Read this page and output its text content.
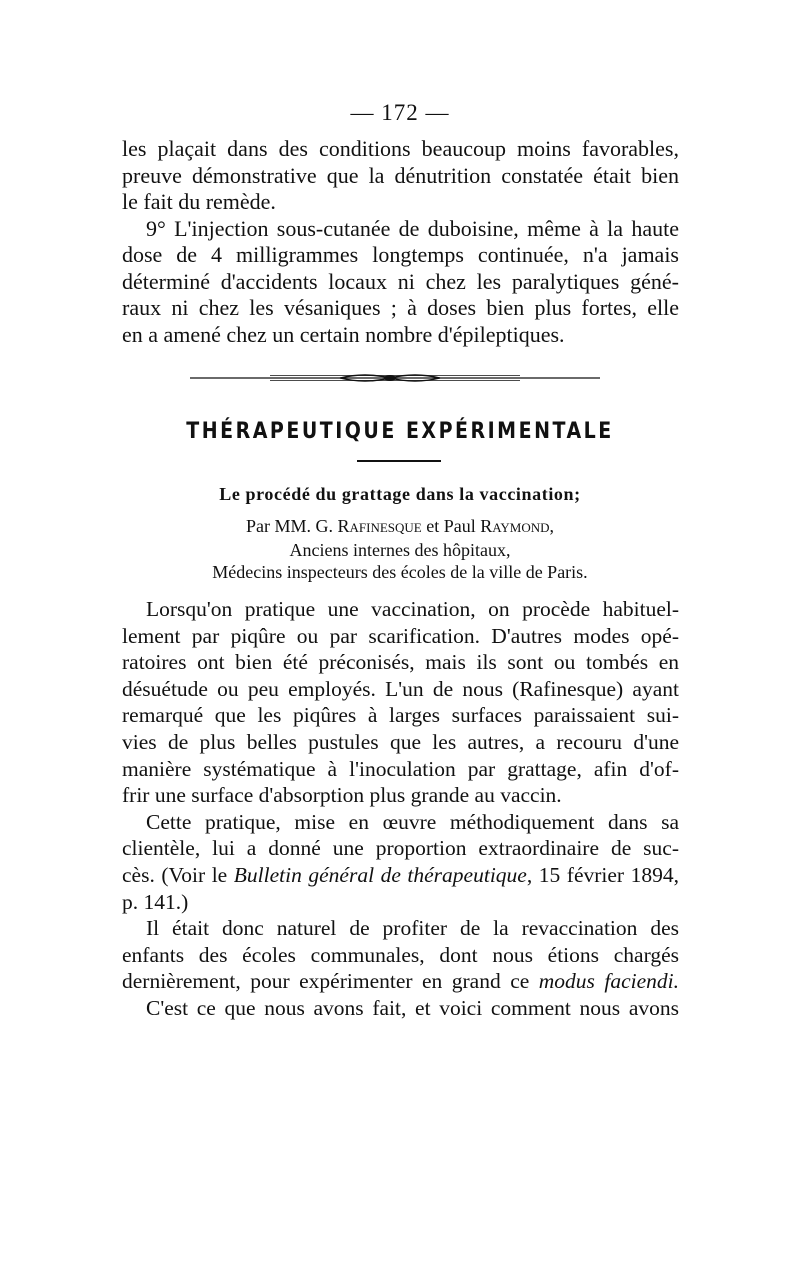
— 172 —
les plaçait dans des conditions beaucoup moins favorables,
preuve démonstrative que la dénutrition constatée était bien
le fait du remède.
9° L'injection sous-cutanée de duboisine, même à la haute
dose de 4 milligrammes longtemps continuée, n'a jamais
déterminé d'accidents locaux ni chez les paralytiques géné-
raux ni chez les vésaniques ; à doses bien plus fortes, elle
en a amené chez un certain nombre d'épileptiques.
THÉRAPEUTIQUE EXPÉRIMENTALE
Le procédé du grattage dans la vaccination;
Par MM. G. Rafinesque et Paul Raymond,
Anciens internes des hôpitaux,
Médecins inspecteurs des écoles de la ville de Paris.
Lorsqu'on pratique une vaccination, on procède habituel-
lement par piqûre ou par scarification. D'autres modes opé-
ratoires ont bien été préconisés, mais ils sont ou tombés en
désuétude ou peu employés. L'un de nous (Rafinesque) ayant
remarqué que les piqûres à larges surfaces paraissaient sui-
vies de plus belles pustules que les autres, a recouru d'une
manière systématique à l'inoculation par grattage, afin d'of-
frir une surface d'absorption plus grande au vaccin.
Cette pratique, mise en œuvre méthodiquement dans sa
clientèle, lui a donné une proportion extraordinaire de suc-
cès. (Voir le Bulletin général de thérapeutique, 15 février 1894,
p. 141.)
Il était donc naturel de profiter de la revaccination des
enfants des écoles communales, dont nous étions chargés
dernièrement, pour expérimenter en grand ce modus faciendi.
C'est ce que nous avons fait, et voici comment nous avons
